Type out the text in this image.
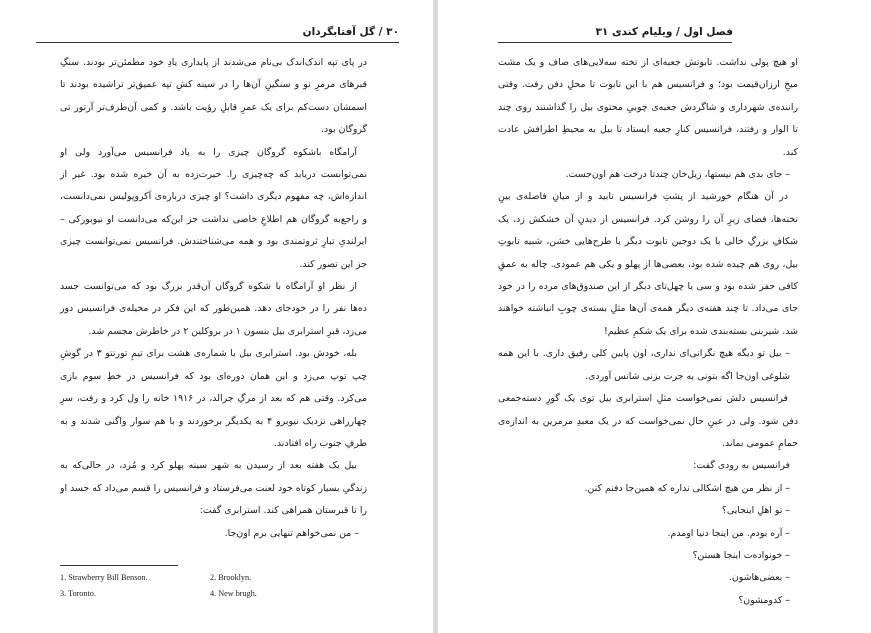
۳۰ / گل آفتابگردان

در پای تپه اندک‌اندک بی‌نام می‌شدند از پایداری یادِ خود مطمئن‌تر بودند. سنگِ قبرهای مرمرِ نو و سنگینِ آن‌ها را در سینه کشِ تپه عمیق‌تر تراشیده بودند تا اسمشان دست‌کم برای یک عمرِ قابلِ رؤیت باشد. و کمی آن‌طرف‌تر آرتور تی گروگان بود.

آرامگاه باشکوه گروگان چیزی را به یاد فرانسیس می‌آورد ولی او نمی‌توانست دریابد که چه‌چیزی را. حیرت‌زده به آن خیره شده بود. غیر از اندازه‌اش، چه مفهوم دیگری داشت؟ او چیزی درباره‌ی آکروپولیس نمی‌دانست، و راجع‌به گروگان هم اطلاعِ خاصی نداشت جز این‌که می‌دانست او نیوبورکی – ایرلندیِ تبارِ ثروتمندی بود و همه می‌شناختندش. فرانسیس نمی‌توانست چیزی جز این تصور کند.

از نظر او آرامگاه با شکوه گروگان آن‌قدر بزرگ بود که می‌توانست جسد ده‌ها نفر را در خودجای دهد. همین‌طور که این فکر در مخیله‌ی فرانسیس دور می‌زد، قبرِ استرابری بیل بنسون ۱ در بروکلین ۲ در خاطرش مجسم شد.

بله، خودش بود. استرابری بیل با شماره‌ی هشت برای تیمِ تورنتو ۳ در گوشِ چپ توپ می‌زد و این همان دوره‌ای بود که فرانسیس در خطِ سوم بازی می‌کرد. وقتی هم که بعد از مرگِ جرالد، در ۱۹۱۶ خانه را ول کرد و رفت، سرِ چهارراهی نزدیک نیوبرو ۴ به یکدیگر برخوردند و با هم سوار واگنی شدند و به طرفِ جنوب راه افتادند.

بیل یک هفته بعد از رسیدن به شهر سینه پهلو کرد و مُرد، در حالی‌که به زندگیِ بسیار کوتاه خود لعنت می‌فرستاد و فرانسیس را قسم می‌داد که جسد او را تا قبرستان همراهی کند. استرابری گفت:

– من نمی‌خواهم تنهایی برم اون‌جا.

1. Strawberry Bill Benson.	2. Brooklyn.
3. Toronto.	4. New brugh.
فصل اول / ویلیام کندی ۳۱

او هیچ پولی نداشت. تابوتش جعبه‌ای از تخته سه‌لایی‌های صاف و یک مشت میخِ ارزان‌قیمت بود؛ و فرانسیس هم با این تابوت تا محلِ دفن رفت. وقتی راننده‌ی شهرداری و شاگردش جعبه‌ی چوبیِ محتوی بیل را گذاشتند روی چند تا الوار و رفتند، فرانسیس کنارِ جعبه ایستاد تا بیل به محیطِ اطرافش عادت کند.

– جای بدی هم نیستها، زیل‌خان چندتا درخت هم اون‌جست.

در آن هنگام خورشید از پشتِ فرانسیس تابید و از میانِ فاصله‌ی بینِ تخته‌ها، فضای زیرِ آن را روشن کرد. فرانسیس از دیدنِ آن خشکش زد، یک شکافِ بزرگِ خالی با یک دوجین تابوت دیگر با طرح‌هایی خشن، شبیه تابوتِ بیل، روی هم چیده شده بود، بعضی‌ها از پهلو و یکی هم عمودی. چاله به عمقِ کافی حفر شده بود و سی یا چهل‌تای دیگر از این صندوق‌های مرده را در خود جای می‌داد. تا چند هفته‌ی دیگر همه‌ی آن‌ها مثلِ بسته‌ی چوبِ انباشته خواهند شد. شیربنی بسته‌بندی شده برای یک شکمِ عظیم!

– بیل تو دیگه هیچ نگرانی‌ای نداری، اون پایین کلی رفیق داری. با این همه شلوغی اون‌جا اگه بتونی یه جرت بزنی شانس آوردی.

فرانسیس دلش نمی‌خواست مثلِ استرابری بیل توی یک گورِ دسته‌جمعی دفن شود. ولی در عینِ حال نمی‌خواست که در یک معبدِ مرمرین به اندازه‌ی حمامِ عمومی بماند.

فرانسیس به رودی گفت:

– از نظر من هیچ اشکالی نداره که همین‌جا دفنم کنن.

– تو اهلِ اینجایی؟

– آره بودم. من اینجا دنیا اومدم.

– خونواده‌ت اینجا هستن؟

– بعضی‌هاشون.

– کدومشون؟
